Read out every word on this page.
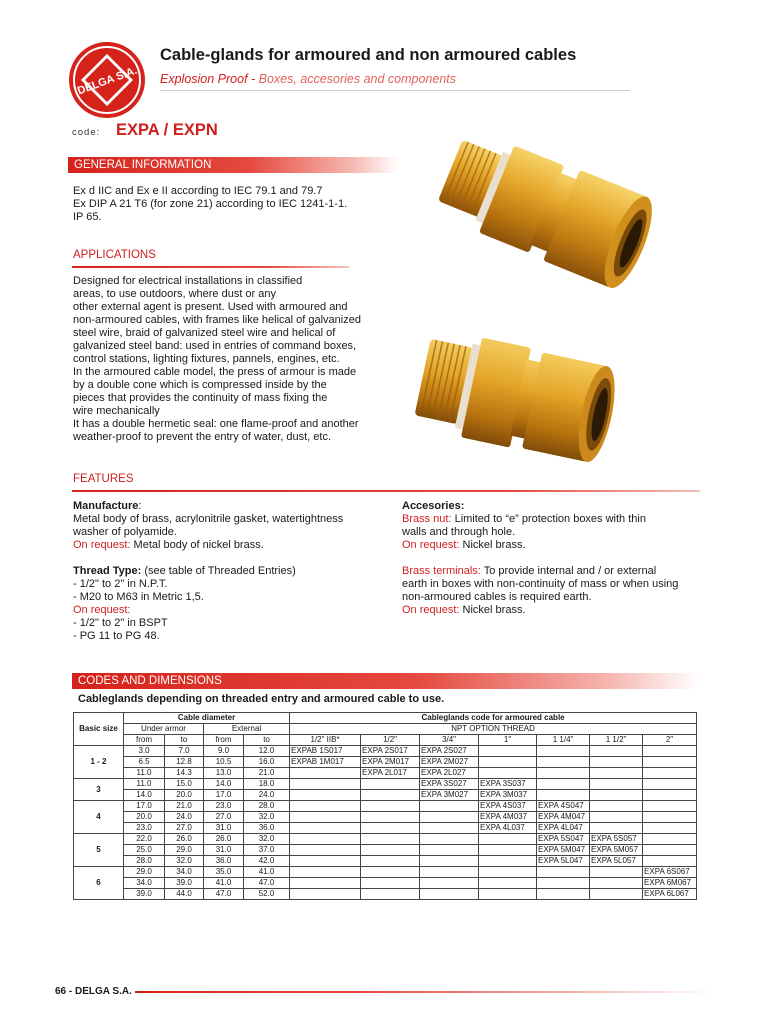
DELGA S.A.
Cable-glands for armoured and non armoured cables
Explosion Proof - Boxes, accesories and components
code: EXPA / EXPN
GENERAL INFORMATION
Ex d IIC and Ex e II according to IEC 79.1 and 79.7
Ex DIP A 21 T6 (for zone 21) according to IEC 1241-1-1.
IP 65.
APPLICATIONS
Designed for electrical installations in classified
areas, to use outdoors, where dust or any
other external agent is present. Used with armoured and
non-armoured cables, with frames like helical of galvanized
steel wire, braid of galvanized steel wire and helical of
galvanized steel band: used in entries of command boxes,
control stations, lighting fixtures, pannels, engines, etc.
In the armoured cable model, the press of armour is made
by a double cone which is compressed inside by the
pieces that provides the continuity of mass fixing the
wire mechanically
It has a double hermetic seal: one flame-proof and another
weather-proof to prevent the entry of water, dust, etc.
FEATURES
Manufacture:
Metal body of brass, acrylonitrile gasket, watertightness
washer of polyamide.
On request: Metal body of nickel brass.
Thread Type: (see table of Threaded Entries)
- 1/2" to 2" in N.P.T.
- M20 to M63 in Metric 1,5.
On request:
- 1/2" to 2" in BSPT
- PG 11 to PG 48.
Accesories:
Brass nut: Limited to “e” protection boxes with thin
walls and through hole.
On request: Nickel brass.
Brass terminals: To provide internal and / or external
earth in boxes with non-continuity of mass or when using
non-armoured cables is required earth.
On request: Nickel brass.
CODES AND DIMENSIONS
Cableglands depending on threaded entry and armoured cable to use.
Basic size	Cable diameter				Cableglands code for armoured cable						
	Under armor		External		NPT OPTION THREAD						
	from	to	from	to	1/2" IIB*	1/2"	3/4"	1"	1 1/4"	1 1/2"	2"
1 - 2	3.0	7.0	9.0	12.0	EXPAB 1S017	EXPA 2S017	EXPA 2S027				
	6.5	12.8	10.5	16.0	EXPAB 1M017	EXPA 2M017	EXPA 2M027				
	11.0	14.3	13.0	21.0		EXPA 2L017	EXPA 2L027				
3	11.0	15.0	14.0	18.0			EXPA 3S027	EXPA 3S037			
	14.0	20.0	17.0	24.0			EXPA 3M027	EXPA 3M037			
4	17.0	21.0	23.0	28.0				EXPA 4S037	EXPA 4S047		
	20.0	24.0	27.0	32.0				EXPA 4M037	EXPA 4M047		
	23.0	27.0	31.0	36.0				EXPA 4L037	EXPA 4L047		
5	22.0	26.0	26.0	32.0					EXPA 5S047	EXPA 5S057	
	25.0	29.0	31.0	37.0					EXPA 5M047	EXPA 5M057	
	28.0	32.0	36.0	42.0					EXPA 5L047	EXPA 5L057	
6	29.0	34.0	35.0	41.0							EXPA 6S067
	34.0	39.0	41.0	47.0							EXPA 6M067
	39.0	44.0	47.0	52.0							EXPA 6L067
66 - DELGA S.A.
